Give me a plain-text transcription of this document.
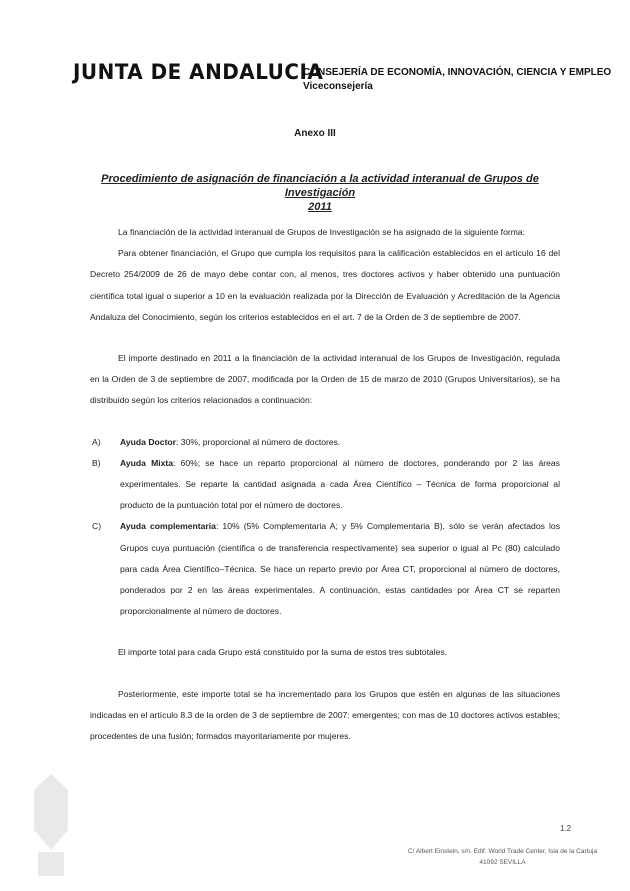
JUNTA DE ANDALUCIA
CONSEJERÍA DE ECONOMÍA, INNOVACIÓN, CIENCIA Y EMPLEO
Viceconsejería
Anexo III
Procedimiento de asignación de financiación a la actividad interanual de Grupos de Investigación
2011

La financiación de la actividad interanual de Grupos de Investigación se ha asignado de la siguiente forma:

Para obtener financiación, el Grupo que cumpla los requisitos para la calificación establecidos en el artículo 16 del Decreto 254/2009 de 26 de mayo debe contar con, al menos, tres doctores activos y haber obtenido una puntuación científica total igual o superior a 10 en la evaluación realizada por la Dirección de Evaluación y Acreditación de la Agencia Andaluza del Conocimiento, según los criterios establecidos en el art. 7 de la Orden de 3 de septiembre de 2007.

El importe destinado en 2011 a la financiación de la actividad interanual de los Grupos de Investigación, regulada en la Orden de 3 de septiembre de 2007, modificada por la Orden de 15 de marzo de 2010 (Grupos Universitarios), se ha distribuido según los criterios relacionados a continuación:

A)	Ayuda Doctor: 30%, proporcional al número de doctores.
B)	Ayuda Mixta: 60%; se hace un reparto proporcional al número de doctores, ponderando por 2 las áreas experimentales. Se reparte la cantidad asignada a cada Área Científico – Técnica de forma proporcional al producto de la puntuación total por el número de doctores.
C)	Ayuda complementaria: 10% (5% Complementaria A; y 5% Complementaria B), sólo se verán afectados los Grupos cuya puntuación (científica o de transferencia respectivamente) sea superior o igual al Pc (80) calculado para cada Área Científico–Técnica. Se hace un reparto previo por Área CT, proporcional al número de doctores, ponderados por 2 en las áreas experimentales. A continuación, estas cantidades por Área CT se reparten proporcionalmente al número de doctores.

El importe total para cada Grupo está constituido por la suma de estos tres subtotales.

Posteriormente, este importe total se ha incrementado para los Grupos que estén en algunas de las situaciones indicadas en el artículo 8.3 de la orden de 3 de septiembre de 2007: emergentes; con mas de 10 doctores activos estables; procedentes de una fusión; formados mayoritariamente por mujeres.

1.2
C/ Albert Einstein, s/n. Edif. World Trade Center, Isla de la Cartuja
41092 SEVILLA
